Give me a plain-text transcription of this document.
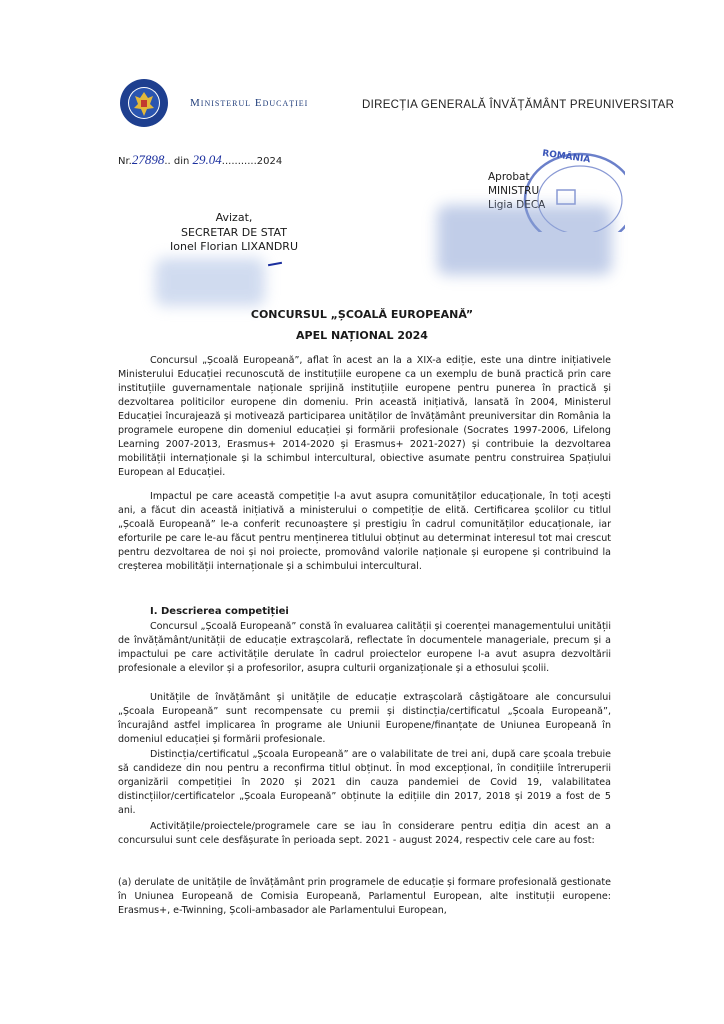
Ministerul Educației	DIRECȚIA GENERALĂ ÎNVĂȚĂMÂNT PREUNIVERSITAR
Nr.27898.. din 29.04...........2024	ROMÂNIA
Aprobat
MINISTRU
Avizat,
SECRETAR DE STAT
Ionel Florian LIXANDRU
CONCURSUL „ȘCOALĂ EUROPEANĂ”
APEL NAȚIONAL 2024

Concursul „Școală Europeană”, aflat în acest an la a XIX-a ediție, este una dintre inițiativele Ministerului Educației recunoscută de instituțiile europene ca un exemplu de bună practică prin care instituțiile guvernamentale naționale sprijină instituțiile europene pentru punerea în practică și dezvoltarea politicilor europene din domeniu. Prin această inițiativă, lansată în 2004, Ministerul Educației încurajează și motivează participarea unităților de învățământ preuniversitar din România la programele europene din domeniul educației și formării profesionale (Socrates 1997-2006, Lifelong Learning 2007-2013, Erasmus+ 2014-2020 și Erasmus+ 2021-2027) și contribuie la dezvoltarea mobilității internaționale și la schimbul intercultural, obiective asumate pentru construirea Spațiului European al Educației.

Impactul pe care această competiție l-a avut asupra comunităților educaționale, în toți acești ani, a făcut din această inițiativă a ministerului o competiție de elită. Certificarea școlilor cu titlul „Școală Europeană” le-a conferit recunoaștere și prestigiu în cadrul comunităților educaționale, iar eforturile pe care le-au făcut pentru menținerea titlului obținut au determinat interesul tot mai crescut pentru dezvoltarea de noi și noi proiecte, promovând valorile naționale și europene și contribuind la creșterea mobilității internaționale și a schimbului intercultural.

I. Descrierea competiției

Concursul „Școală Europeană” constă în evaluarea calității și coerenței managementului unității de învățământ/unității de educație extrașcolară, reflectate în documentele manageriale, precum și a impactului pe care activitățile derulate în cadrul proiectelor europene l-a avut asupra dezvoltării profesionale a elevilor și a profesorilor, asupra culturii organizaționale și a ethosului școlii.

Unitățile de învățământ și unitățile de educație extrașcolară câștigătoare ale concursului „Școala Europeană” sunt recompensate cu premii și distincția/certificatul „Școala Europeană”, încurajând astfel implicarea în programe ale Uniunii Europene/finanțate de Uniunea Europeană în domeniul educației și formării profesionale.

Distincția/certificatul „Școala Europeană” are o valabilitate de trei ani, după care școala trebuie să candideze din nou pentru a reconfirma titlul obținut. În mod excepțional, în condițiile întreruperii organizării competiției în 2020 și 2021 din cauza pandemiei de Covid 19, valabilitatea distincțiilor/certificatelor „Școala Europeană” obținute la edițiile din 2017, 2018 și 2019 a fost de 5 ani.

Activitățile/proiectele/programele care se iau în considerare pentru ediția din acest an a concursului sunt cele desfășurate în perioada sept. 2021 - august 2024, respectiv cele care au fost:

(a) derulate de unitățile de învățământ prin programele de educație și formare profesională gestionate în Uniunea Europeană de Comisia Europeană, Parlamentul European, alte instituții europene: Erasmus+, e-Twinning, Școli-ambasador ale Parlamentului European,
